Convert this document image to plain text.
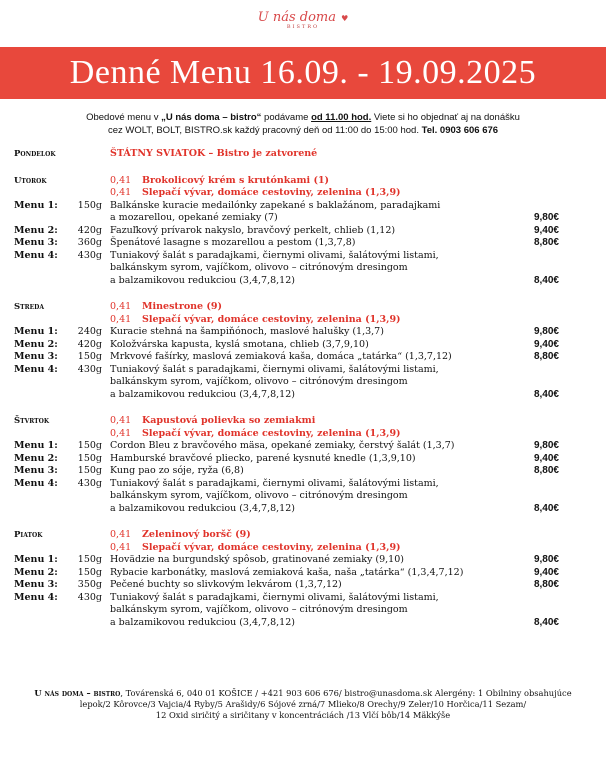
U nás doma ♥
BISTRO
Denné Menu 16.09. - 19.09.2025
Obedové menu v „U nás doma – bistro“ podávame od 11.00 hod. Viete si ho objednať aj na donášku
cez WOLT, BOLT, BISTRO.sk každý pracovný deň od 11:00 do 15:00 hod. Tel. 0903 606 676
Pondelok	ŠTÁTNY SVIATOK – Bistro je zatvorené
Utorok	0,41 Brokolicový krém s krutónkami (1)
0,41 Slepačí vývar, domáce cestoviny, zelenina (1,3,9)
Menu 1:	150g Balkánske kuracie medailónky zapekané s baklažánom, paradajkami
a mozarellou, opekané zemiaky (7)	9,80€
Menu 2:	420g Fazuľkový prívarok nakyslo, bravčový perkelt, chlieb (1,12)	9,40€
Menu 3:	360g Špenátové lasagne s mozarellou a pestom (1,3,7,8)	8,80€
Menu 4:	430g Tuniakový šalát s paradajkami, čiernymi olivami, šalátovými listami,
balkánskym syrom, vajíčkom, olivovo – citrónovým dresingom
a balzamikovou redukciou (3,4,7,8,12)	8,40€
Streda	0,41 Minestrone (9)
0,41 Slepačí vývar, domáce cestoviny, zelenina (1,3,9)
Menu 1:	240g Kuracie stehná na šampiňónoch, maslové halušky (1,3,7)	9,80€
Menu 2:	420g Koložvárska kapusta, kyslá smotana, chlieb (3,7,9,10)	9,40€
Menu 3:	150g Mrkvové fašírky, maslová zemiaková kaša, domáca „tatárka“ (1,3,7,12)	8,80€
Menu 4:	430g Tuniakový šalát s paradajkami, čiernymi olivami, šalátovými listami,
balkánskym syrom, vajíčkom, olivovo – citrónovým dresingom
a balzamikovou redukciou (3,4,7,8,12)	8,40€
Štvrtok	0,41 Kapustová polievka so zemiakmi
0,41 Slepačí vývar, domáce cestoviny, zelenina (1,3,9)
Menu 1:	150g Cordon Bleu z bravčového mäsa, opekané zemiaky, čerstvý šalát (1,3,7)	9,80€
Menu 2:	150g Hamburské bravčové pliecko, parené kysnuté knedle (1,3,9,10)	9,40€
Menu 3:	150g Kung pao zo sóje, ryža (6,8)	8,80€
Menu 4:	430g Tuniakový šalát s paradajkami, čiernymi olivami, šalátovými listami,
balkánskym syrom, vajíčkom, olivovo – citrónovým dresingom
a balzamikovou redukciou (3,4,7,8,12)	8,40€
Piatok	0,41 Zeleninový boršč (9)
0,41 Slepačí vývar, domáce cestoviny, zelenina (1,3,9)
Menu 1:	150g Hovädzie na burgundský spôsob, gratinované zemiaky (9,10)	9,80€
Menu 2:	150g Rybacie karbonátky, maslová zemiaková kaša, naša „tatárka“ (1,3,4,7,12)	9,40€
Menu 3:	350g Pečené buchty so slivkovým lekvárom (1,3,7,12)	8,80€
Menu 4:	430g Tuniakový šalát s paradajkami, čiernymi olivami, šalátovými listami,
balkánskym syrom, vajíčkom, olivovo – citrónovým dresingom
a balzamikovou redukciou (3,4,7,8,12)	8,40€
U nás doma – bistro, Továrenská 6, 040 01 KOŠICE / +421 903 606 676/ bistro@unasdoma.sk Alergény: 1 Obilniny obsahujúce
lepok/2 Kôrovce/3 Vajcia/4 Ryby/5 Arašidy/6 Sójové zrná/7 Mlieko/8 Orechy/9 Zeler/10 Horčica/11 Sezam/
12 Oxid siričitý a siričitany v koncentráciách /13 Vlčí bôb/14 Mäkkýše
